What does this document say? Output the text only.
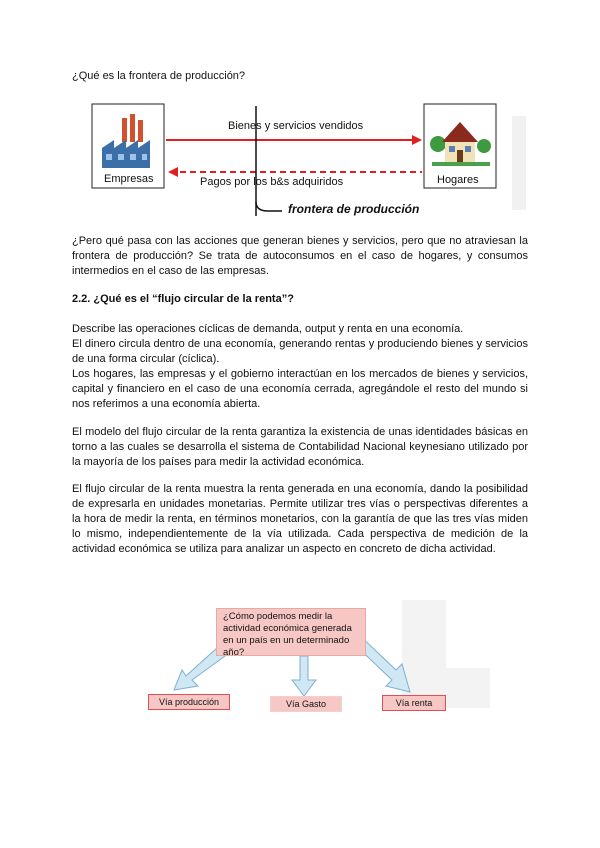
¿Qué es la frontera de producción?
Bienes y servicios vendidos
Pagos por los b&s adquiridos
Empresas	Hogares
frontera de producción

¿Pero qué pasa con las acciones que generan bienes y servicios, pero que no atraviesan la frontera de producción? Se trata de autoconsumos en el caso de hogares, y consumos intermedios en el caso de las empresas.

2.2. ¿Qué es el “flujo circular de la renta”?

Describe las operaciones cíclicas de demanda, output y renta en una economía.

El dinero circula dentro de una economía, generando rentas y produciendo bienes y servicios de una forma circular (cíclica).

Los hogares, las empresas y el gobierno interactúan en los mercados de bienes y servicios, capital y financiero en el caso de una economía cerrada, agregándole el resto del mundo si nos referimos a una economía abierta.

El modelo del flujo circular de la renta garantiza la existencia de unas identidades básicas en torno a las cuales se desarrolla el sistema de Contabilidad Nacional keynesiano utilizado por la mayoría de los países para medir la actividad económica.

El flujo circular de la renta muestra la renta generada en una economía, dando la posibilidad de expresarla en unidades monetarias. Permite utilizar tres vías o perspectivas diferentes a la hora de medir la renta, en términos monetarios, con la garantía de que las tres vías miden lo mismo, independientemente de la vía utilizada. Cada perspectiva de medición de la actividad económica se utiliza para analizar un aspecto en concreto de dicha actividad.

¿Cómo podemos medir la actividad económica generada en un país en un determinado año?
Vía producción	Vía Gasto	Vía renta
